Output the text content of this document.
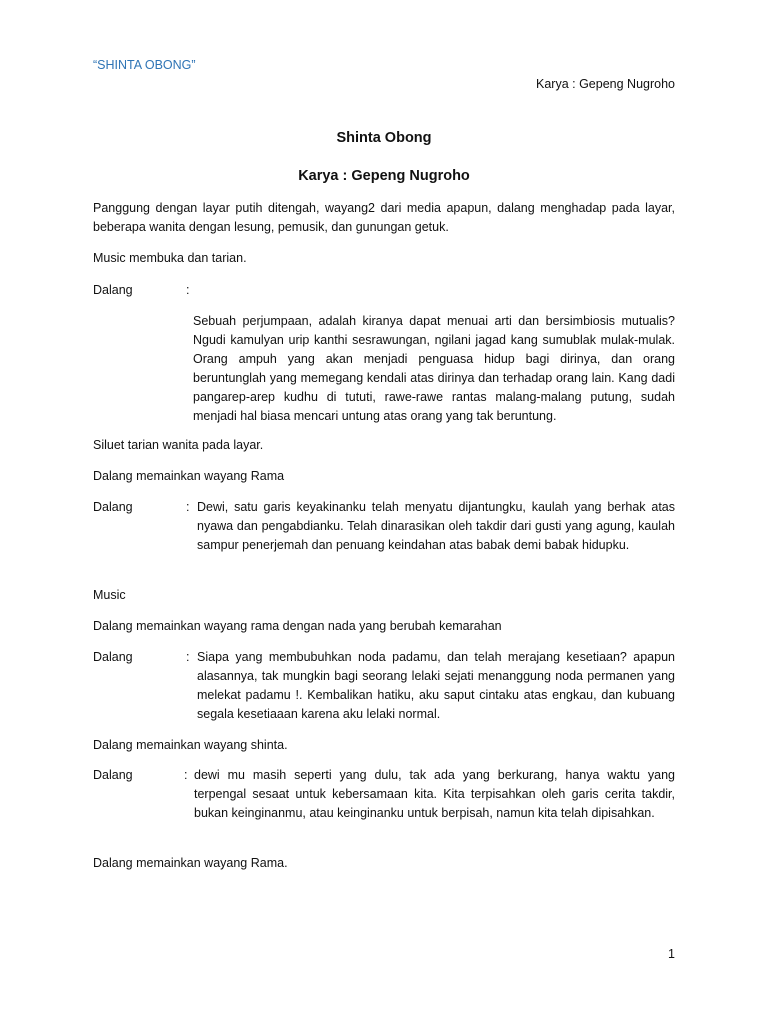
“SHINTA OBONG”
Karya : Gepeng Nugroho
Shinta Obong
Karya : Gepeng Nugroho

Panggung dengan layar putih ditengah, wayang2 dari media apapun, dalang menghadap pada layar, beberapa wanita dengan lesung, pemusik, dan gunungan getuk.

Music membuka dan tarian.

Dalang	:

Sebuah perjumpaan, adalah kiranya dapat menuai arti dan bersimbiosis mutualis? Ngudi kamulyan urip kanthi sesrawungan, ngilani jagad kang sumublak mulak-mulak. Orang ampuh yang akan menjadi penguasa hidup bagi dirinya, dan orang beruntunglah yang memegang kendali atas dirinya dan terhadap orang lain. Kang dadi pangarep-arep kudhu di tututi, rawe-rawe rantas malang-malang putung, sudah menjadi hal biasa mencari untung atas orang yang tak beruntung.

Siluet tarian wanita pada layar.

Dalang memainkan wayang Rama

Dalang	: Dewi, satu garis keyakinanku telah menyatu dijantungku, kaulah yang berhak atas nyawa dan pengabdianku. Telah dinarasikan oleh takdir dari gusti yang agung, kaulah sampur penerjemah dan penuang keindahan atas babak demi babak hidupku.

Music

Dalang memainkan wayang rama dengan nada yang berubah kemarahan

Dalang	: Siapa yang membubuhkan noda padamu, dan telah merajang kesetiaan? apapun alasannya, tak mungkin bagi seorang lelaki sejati menanggung noda permanen yang melekat padamu !. Kembalikan hatiku, aku saput cintaku atas engkau, dan kubuang segala kesetiaaan karena aku lelaki normal.

Dalang memainkan wayang shinta.

Dalang	: dewi mu masih seperti yang dulu, tak ada yang berkurang, hanya waktu yang terpengal sesaat untuk kebersamaan kita. Kita terpisahkan oleh garis cerita takdir, bukan keinginanmu, atau keinginanku untuk berpisah, namun kita telah dipisahkan.

Dalang memainkan wayang Rama.

1
